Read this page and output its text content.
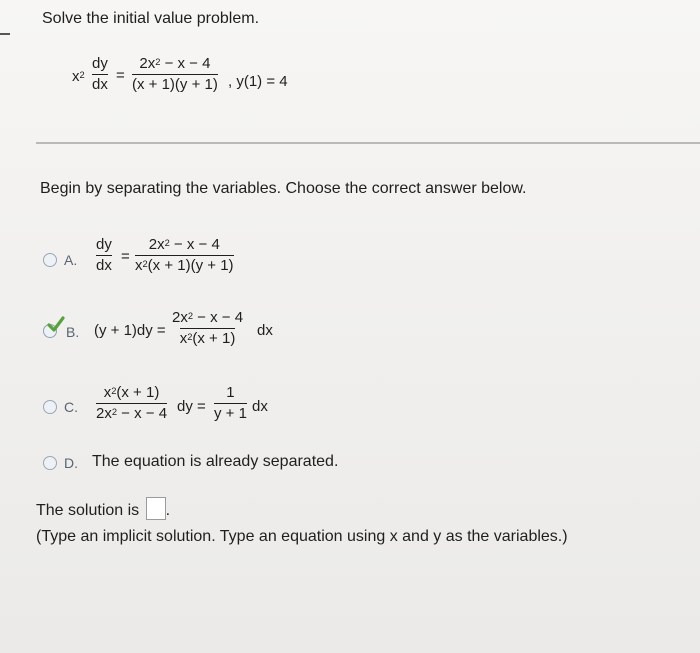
Solve the initial value problem.
$x^2 \frac{dy}{dx} = \frac{2x^2 - x - 4}{(x + 1)(y + 1)}$ , y(1) = 4
Begin by separating the variables. Choose the correct answer below.
A. $\frac{dy}{dx} = \frac{2x^2 - x - 4}{x^2(x + 1)(y + 1)}$
B. $(y + 1)dy = \frac{2x^2 - x - 4}{x^2(x + 1)}$ dx
C. $\frac{x^2(x + 1)}{2x^2 - x - 4}$ dy = $\frac{1}{y + 1}$ dx
D. The equation is already separated.
The solution is .
(Type an implicit solution. Type an equation using x and y as the variables.)
